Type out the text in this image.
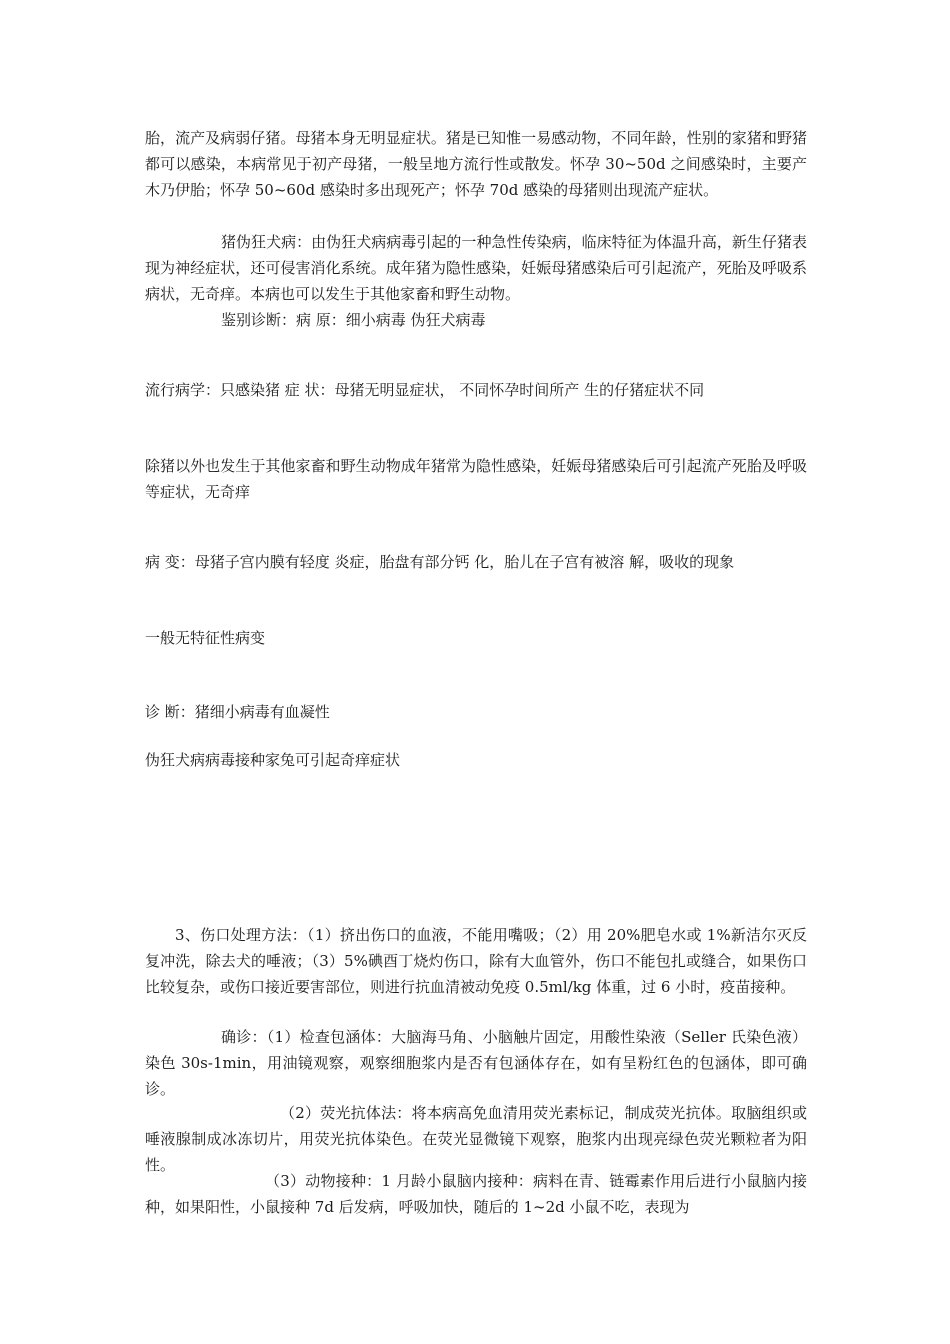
胎，流产及病弱仔猪。母猪本身无明显症状。猪是已知惟一易感动物，不同年龄，性别的家猪和野猪都可以感染，本病常见于初产母猪，一般呈地方流行性或散发。怀孕 30~50d 之间感染时，主要产木乃伊胎；怀孕 50~60d 感染时多出现死产；怀孕 70d 感染的母猪则出现流产症状。

猪伪狂犬病：由伪狂犬病病毒引起的一种急性传染病，临床特征为体温升高，新生仔猪表现为神经症状，还可侵害消化系统。成年猪为隐性感染，妊娠母猪感染后可引起流产，死胎及呼吸系病状，无奇痒。本病也可以发生于其他家畜和野生动物。

鉴别诊断：病 原：细小病毒 伪狂犬病毒

流行病学：只感染猪 症 状：母猪无明显症状， 不同怀孕时间所产 生的仔猪症状不同

除猪以外也发生于其他家畜和野生动物成年猪常为隐性感染，妊娠母猪感染后可引起流产死胎及呼吸等症状，无奇痒

病 变：母猪子宫内膜有轻度 炎症，胎盘有部分钙 化，胎儿在子宫有被溶 解，吸收的现象

一般无特征性病变

诊 断：猪细小病毒有血凝性

伪狂犬病病毒接种家兔可引起奇痒症状

3、伤口处理方法：（1）挤出伤口的血液，不能用嘴吸；（2）用 20%肥皂水或 1%新洁尔灭反复冲洗，除去犬的唾液；（3）5%碘酉丁烧灼伤口，除有大血管外，伤口不能包扎或缝合，如果伤口比较复杂，或伤口接近要害部位，则进行抗血清被动免疫 0.5ml/kg 体重，过 6 小时，疫苗接种。

确诊：（1）检查包涵体：大脑海马角、小脑触片固定，用酸性染液（Seller 氏染色液）染色 30s-1min，用油镜观察，观察细胞浆内是否有包涵体存在，如有呈粉红色的包涵体，即可确诊。

（2）荧光抗体法：将本病高免血清用荧光素标记，制成荧光抗体。取脑组织或唾液腺制成冰冻切片，用荧光抗体染色。在荧光显微镜下观察，胞浆内出现亮绿色荧光颗粒者为阳性。

（3）动物接种：1 月龄小鼠脑内接种：病料在青、链霉素作用后进行小鼠脑内接种，如果阳性，小鼠接种 7d 后发病，呼吸加快，随后的 1~2d 小鼠不吃，表现为
